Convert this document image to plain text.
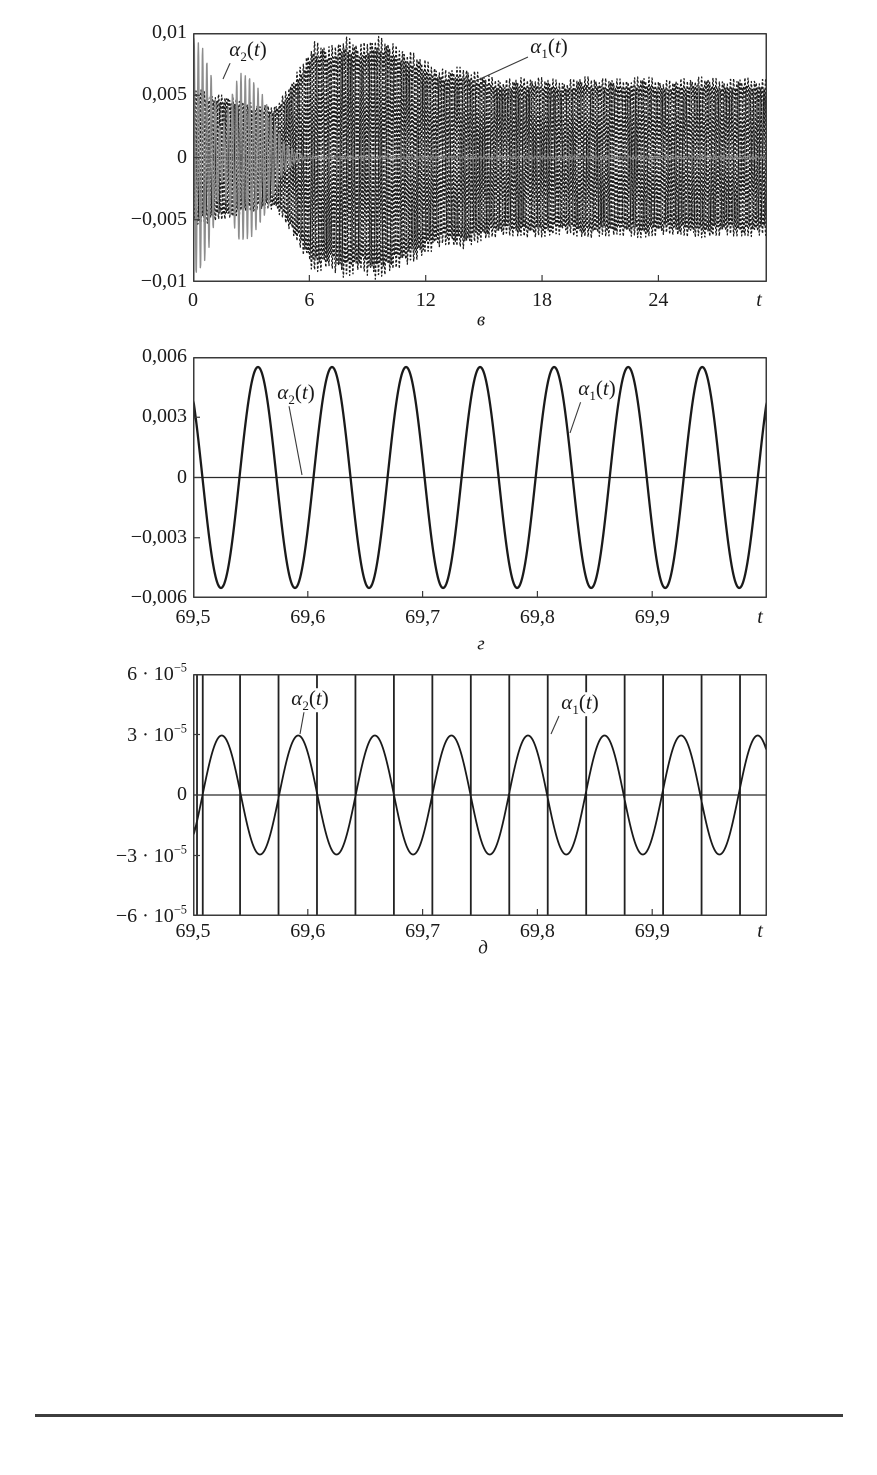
0,01
0,005
0
−0,005
−0,01
0	6	12	18	24	t
в
$\alpha_2(t)$	$\alpha_1(t)$
0,006
0,003
0
−0,003
−0,006
69,5	69,6	69,7	69,8	69,9	t
г
$\alpha_2(t)$	$\alpha_1(t)$
$6 \cdot 10^{-5}$
$3 \cdot 10^{-5}$
0
$-3 \cdot 10^{-5}$
$-6 \cdot 10^{-5}$
69,5	69,6	69,7	69,8	69,9	t
д
$\alpha_2(t)$	$\alpha_1(t)$
